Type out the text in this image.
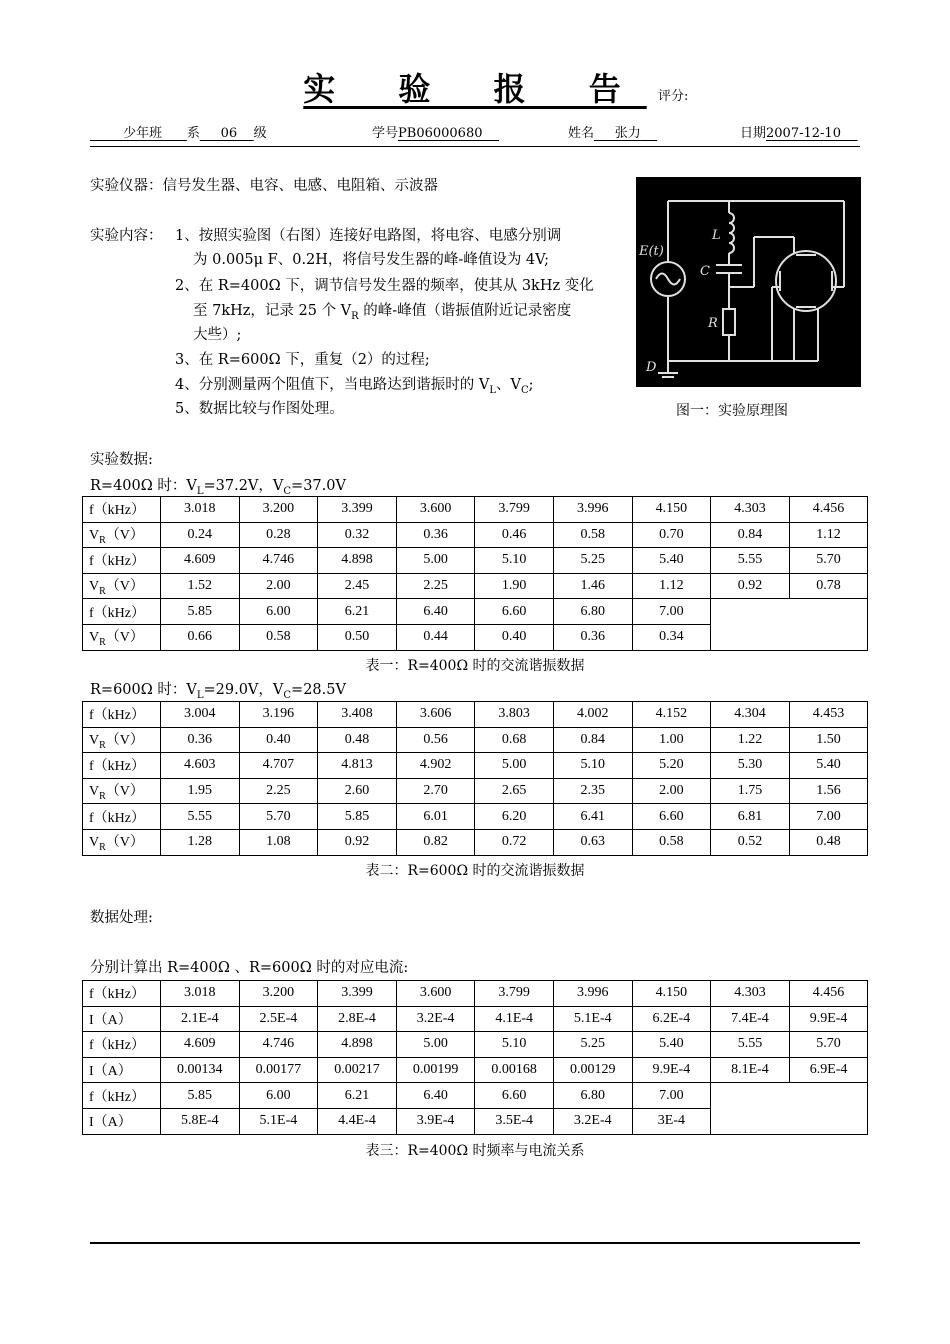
实 验 报 告 评分:
少年班 系 06 级	学号PB06000680	姓名 张力	日期2007-12-10
实验仪器：信号发生器、电容、电感、电阻箱、示波器
实验内容： 1、按照实验图（右图）连接好电路图，将电容、电感分别调
为 0.005μ F、0.2H，将信号发生器的峰-峰值设为 4V;
2、在 R=400Ω 下，调节信号发生器的频率，使其从 3kHz 变化
至 7kHz，记录 25 个 $V_R$ 的峰-峰值（谐振值附近记录密度
大些）;
3、在 R=600Ω 下，重复（2）的过程;
4、分别测量两个阻值下，当电路达到谐振时的 $V_L$、$V_C$;
5、数据比较与作图处理。
E(t)
L
C
R
D
图一：实验原理图
实验数据:
R=400Ω 时：$V_L=37.2V$，$V_C=37.0V$
f（kHz）	3.018	3.200	3.399	3.600	3.799	3.996	4.150	4.303	4.456
$V_R(V)$	0.24	0.28	0.32	0.36	0.46	0.58	0.70	0.84	1.12
f（kHz）	4.609	4.746	4.898	5.00	5.10	5.25	5.40	5.55	5.70
$V_R(V)$	1.52	2.00	2.45	2.25	1.90	1.46	1.12	0.92	0.78
f（kHz）	5.85	6.00	6.21	6.40	6.60	6.80	7.00		
$V_R(V)$	0.66	0.58	0.50	0.44	0.40	0.36	0.34		
表一：R=400Ω 时的交流谐振数据
R=600Ω 时：$V_L=29.0V$，$V_C=28.5V$
f（kHz）	3.004	3.196	3.408	3.606	3.803	4.002	4.152	4.304	4.453
$V_R(V)$	0.36	0.40	0.48	0.56	0.68	0.84	1.00	1.22	1.50
f（kHz）	4.603	4.707	4.813	4.902	5.00	5.10	5.20	5.30	5.40
$V_R(V)$	1.95	2.25	2.60	2.70	2.65	2.35	2.00	1.75	1.56
f（kHz）	5.55	5.70	5.85	6.01	6.20	6.41	6.60	6.81	7.00
$V_R(V)$	1.28	1.08	0.92	0.82	0.72	0.63	0.58	0.52	0.48
表二：R=600Ω 时的交流谐振数据
数据处理:
分别计算出 R=400Ω 、R=600Ω 时的对应电流:
f（kHz）	3.018	3.200	3.399	3.600	3.799	3.996	4.150	4.303	4.456
I（A）	2.1E-4	2.5E-4	2.8E-4	3.2E-4	4.1E-4	5.1E-4	6.2E-4	7.4E-4	9.9E-4
f（kHz）	4.609	4.746	4.898	5.00	5.10	5.25	5.40	5.55	5.70
I（A）	0.00134	0.00177	0.00217	0.00199	0.00168	0.00129	9.9E-4	8.1E-4	6.9E-4
f（kHz）	5.85	6.00	6.21	6.40	6.60	6.80	7.00		
I（A）	5.8E-4	5.1E-4	4.4E-4	3.9E-4	3.5E-4	3.2E-4	3E-4		
表三：R=400Ω 时频率与电流关系
